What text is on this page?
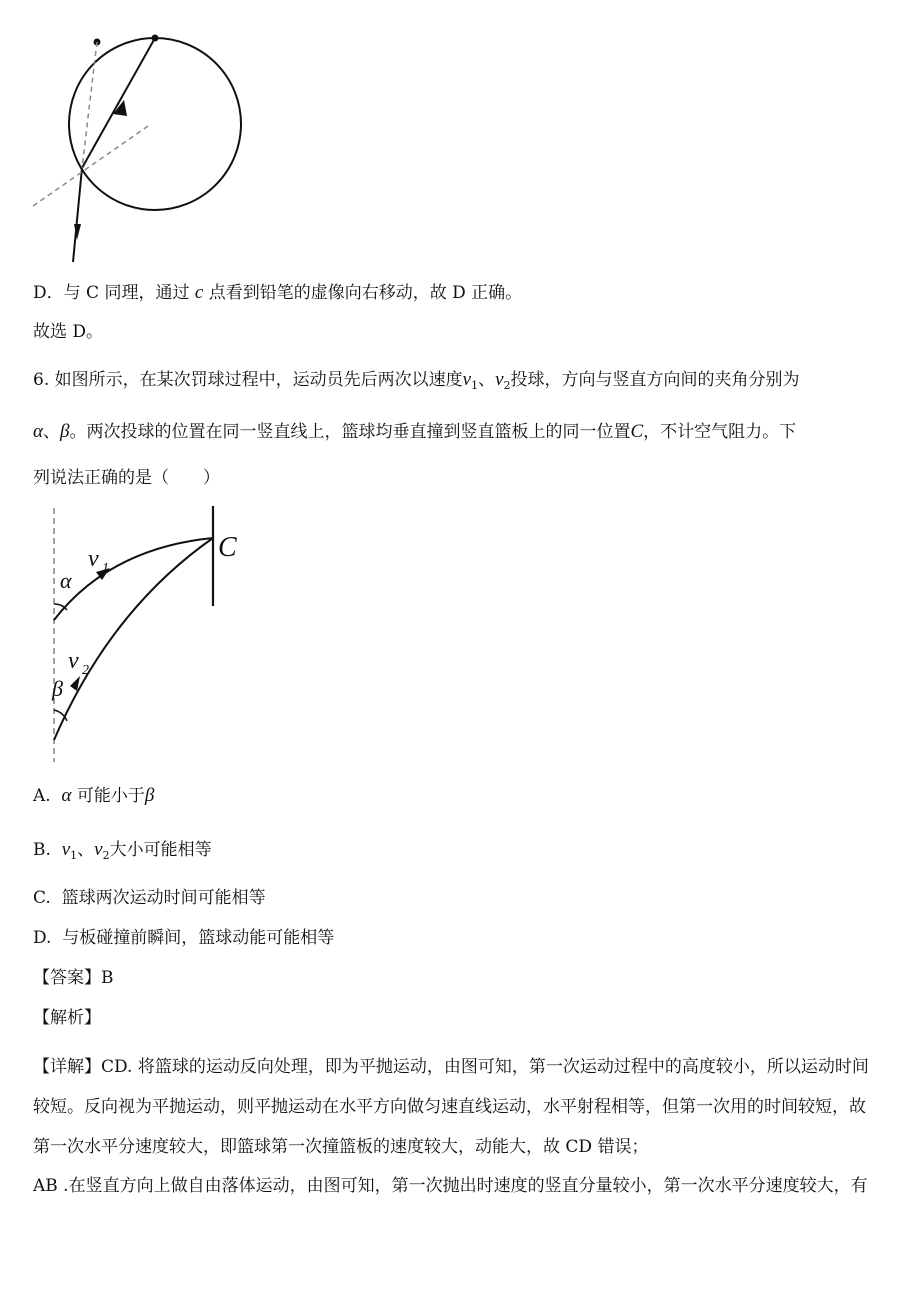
D．与 C 同理，通过 c 点看到铅笔的虚像向右移动，故 D 正确。
故选 D。
6. 如图所示，在某次罚球过程中，运动员先后两次以速度$v_1$、$v_2$投球，方向与竖直方向间的夹角分别为
α、β。两次投球的位置在同一竖直线上，篮球均垂直撞到竖直篮板上的同一位置C，不计空气阻力。下
列说法正确的是（　　）
C
v 1
α
v 2
β
A. α 可能小于β
B. $v_1$、$v_2$大小可能相等
C. 篮球两次运动时间可能相等
D. 与板碰撞前瞬间，篮球动能可能相等
【答案】B
【解析】
【详解】CD. 将篮球的运动反向处理，即为平抛运动，由图可知，第一次运动过程中的高度较小，所以运动时间较短。反向视为平抛运动，则平抛运动在水平方向做匀速直线运动，水平射程相等，但第一次用的时间较短，故第一次水平分速度较大，即篮球第一次撞篮板的速度较大，动能大，故 CD 错误；
AB .在竖直方向上做自由落体运动，由图可知，第一次抛出时速度的竖直分量较小，第一次水平分速度较大，有
